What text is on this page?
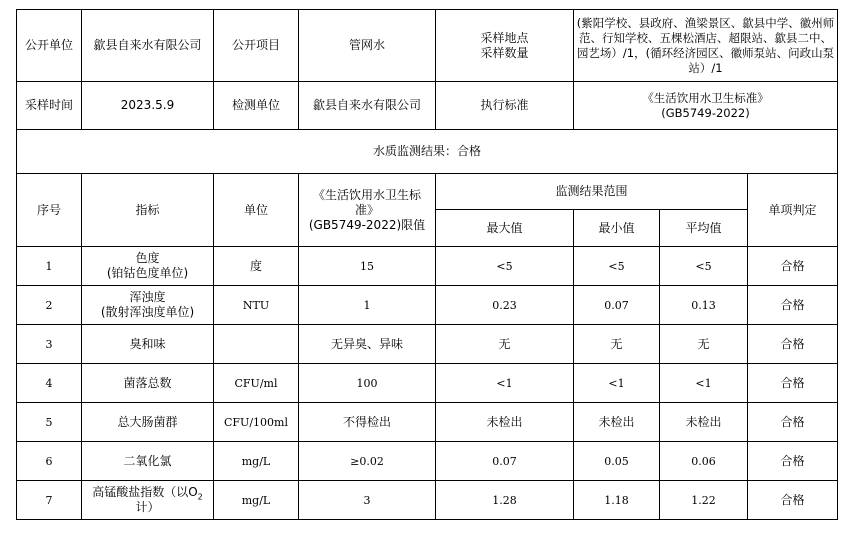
公开单位	歙县自来水有限公司	公开项目	管网水	采样地点
采样数量	(紫阳学校、县政府、渔梁景区、歙县中学、徽州师范、行知学校、五棵松酒店、超限站、歙县二中、园艺场）/1，(循环经济园区、徽师泵站、问政山泵站）/1		
采样时间	2023.5.9	检测单位	歙县自来水有限公司	执行标准	《生活饮用水卫生标准》
(GB5749-2022)		
水质监测结果：合格							
序号	指标	单位	《生活饮用水卫生标
准》
(GB5749-2022)限值	监测结果范围			单项判定
				最大值	最小值	平均值	
1	色度
(铂钴色度单位)	度	15	<5	<5	<5	合格
2	浑浊度
(散射浑浊度单位)	NTU	1	0.23	0.07	0.13	合格
3	臭和味		无异臭、异味	无	无	无	合格
4	菌落总数	CFU/ml	100	<1	<1	<1	合格
5	总大肠菌群	CFU/100ml	不得检出	未检出	未检出	未检出	合格
6	二氧化氯	mg/L	≥0.02	0.07	0.05	0.06	合格
7	高锰酸盐指数（以$O_2$
计）	mg/L	3	1.28	1.18	1.22	合格
